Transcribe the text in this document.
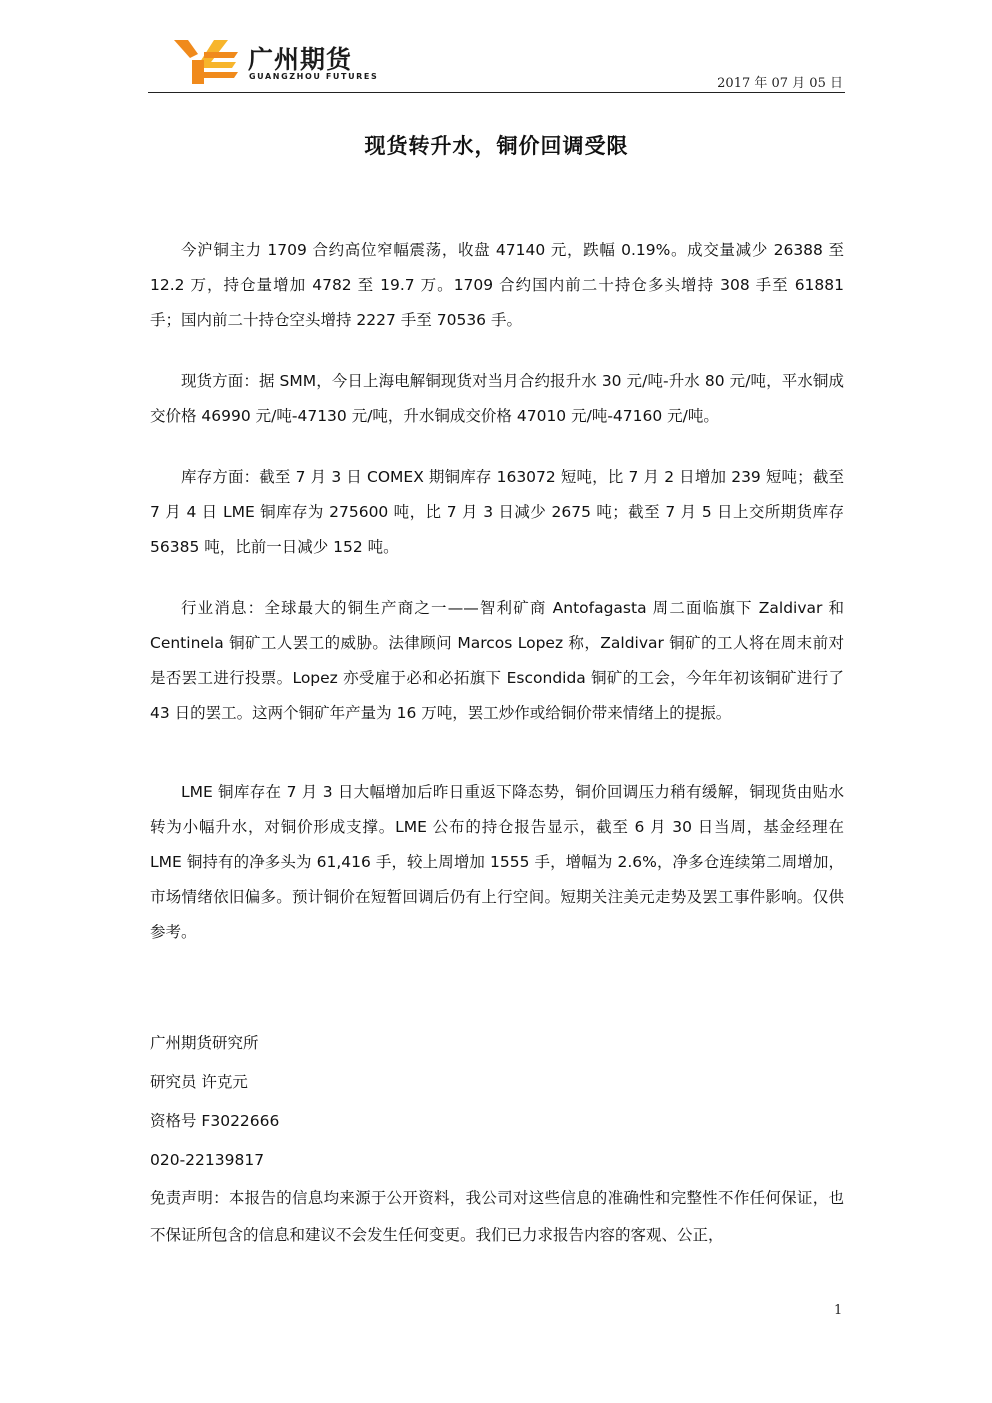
广州期货
GUANGZHOU FUTURES	2017 年 07 月 05 日
现货转升水，铜价回调受限

今沪铜主力 1709 合约高位窄幅震荡，收盘 47140 元，跌幅 0.19%。成交量减少 26388 至 12.2 万，持仓量增加 4782 至 19.7 万。1709 合约国内前二十持仓多头增持 308 手至 61881 手；国内前二十持仓空头增持 2227 手至 70536 手。

现货方面：据 SMM，今日上海电解铜现货对当月合约报升水 30 元/吨-升水 80 元/吨，平水铜成交价格 46990 元/吨-47130 元/吨，升水铜成交价格 47010 元/吨-47160 元/吨。

库存方面：截至 7 月 3 日 COMEX 期铜库存 163072 短吨，比 7 月 2 日增加 239 短吨；截至 7 月 4 日 LME 铜库存为 275600 吨，比 7 月 3 日减少 2675 吨；截至 7 月 5 日上交所期货库存 56385 吨，比前一日减少 152 吨。

行业消息：全球最大的铜生产商之一——智利矿商 Antofagasta 周二面临旗下 Zaldivar 和 Centinela 铜矿工人罢工的威胁。法律顾问 Marcos Lopez 称，Zaldivar 铜矿的工人将在周末前对是否罢工进行投票。Lopez 亦受雇于必和必拓旗下 Escondida 铜矿的工会，今年年初该铜矿进行了 43 日的罢工。这两个铜矿年产量为 16 万吨，罢工炒作或给铜价带来情绪上的提振。

LME 铜库存在 7 月 3 日大幅增加后昨日重返下降态势，铜价回调压力稍有缓解，铜现货由贴水转为小幅升水，对铜价形成支撑。LME 公布的持仓报告显示，截至 6 月 30 日当周，基金经理在 LME 铜持有的净多头为 61,416 手，较上周增加 1555 手，增幅为 2.6%，净多仓连续第二周增加，市场情绪依旧偏多。预计铜价在短暂回调后仍有上行空间。短期关注美元走势及罢工事件影响。仅供参考。

广州期货研究所

研究员 许克元

资格号 F3022666

020-22139817

免责声明：本报告的信息均来源于公开资料，我公司对这些信息的准确性和完整性不作任何保证，也不保证所包含的信息和建议不会发生任何变更。我们已力求报告内容的客观、公正，

1
